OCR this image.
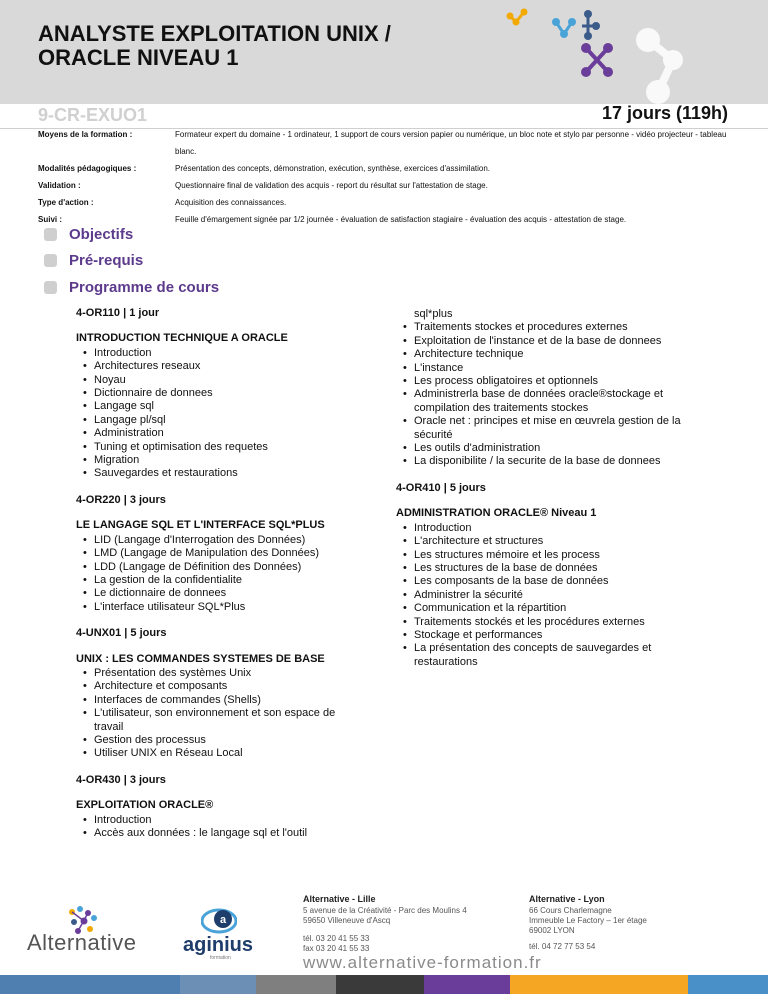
ANALYSTE EXPLOITATION UNIX /
ORACLE NIVEAU 1
9-CR-EXUO1	17 jours (119h)
Moyens de la formation :	Formateur expert du domaine - 1 ordinateur, 1 support de cours version papier ou numérique, un bloc note et stylo par personne - vidéo projecteur - tableau blanc.
Modalités pédagogiques :	Présentation des concepts, démonstration, exécution, synthèse, exercices d'assimilation.
Validation :	Questionnaire final de validation des acquis - report du résultat sur l'attestation de stage.
Type d'action :	Acquisition des connaissances.
Suivi :	Feuille d'émargement signée par 1/2 journée - évaluation de satisfaction stagiaire - évaluation des acquis - attestation de stage.
Objectifs
Pré-requis
Programme de cours
4-OR110 | 1 jour
INTRODUCTION TECHNIQUE A ORACLE
• Introduction
• Architectures reseaux
• Noyau
• Dictionnaire de donnees
• Langage sql
• Langage pl/sql
• Administration
• Tuning et optimisation des requetes
• Migration
• Sauvegardes et restaurations
4-OR220 | 3 jours
LE LANGAGE SQL ET L'INTERFACE SQL*PLUS
• LID (Langage d'Interrogation des Données)
• LMD (Langage de Manipulation des Données)
• LDD (Langage de Définition des Données)
• La gestion de la confidentialite
• Le dictionnaire de donnees
• L'interface utilisateur SQL*Plus
4-UNX01 | 5 jours
UNIX : LES COMMANDES SYSTEMES DE BASE
• Présentation des systèmes Unix
• Architecture et composants
• Interfaces de commandes (Shells)
• L'utilisateur, son environnement et son espace de travail
• Gestion des processus
• Utiliser UNIX en Réseau Local
4-OR430 | 3 jours
EXPLOITATION ORACLE®
• Introduction
• Accès aux données : le langage sql et l'outil
sql*plus
• Traitements stockes et procedures externes
• Exploitation de l'instance et de la base de donnees
• Architecture technique
• L'instance
• Les process obligatoires et optionnels
• Administrerla base de données oracle®stockage et compilation des traitements stockes
• Oracle net : principes et mise en œuvrela gestion de la sécurité
• Les outils d'administration
• La disponibilite / la securite de la base de donnees
4-OR410 | 5 jours
ADMINISTRATION ORACLE® Niveau 1
• Introduction
• L'architecture et structures
• Les structures mémoire et les process
• Les structures de la base de données
• Les composants de la base de données
• Administrer la sécurité
• Communication et la répartition
• Traitements stockés et les procédures externes
• Stockage et performances
• La présentation des concepts de sauvegardes et restaurations
Alternative
a
aginius
formation
Alternative - Lille
5 avenue de la Créativité - Parc des Moulins 4
59650 Villeneuve d'Ascq
tél. 03 20 41 55 33
fax 03 20 41 55 33
Alternative - Lyon
66 Cours Charlemagne
Immeuble Le Factory – 1er étage
69002 LYON
tél. 04 72 77 53 54
www.alternative-formation.fr
